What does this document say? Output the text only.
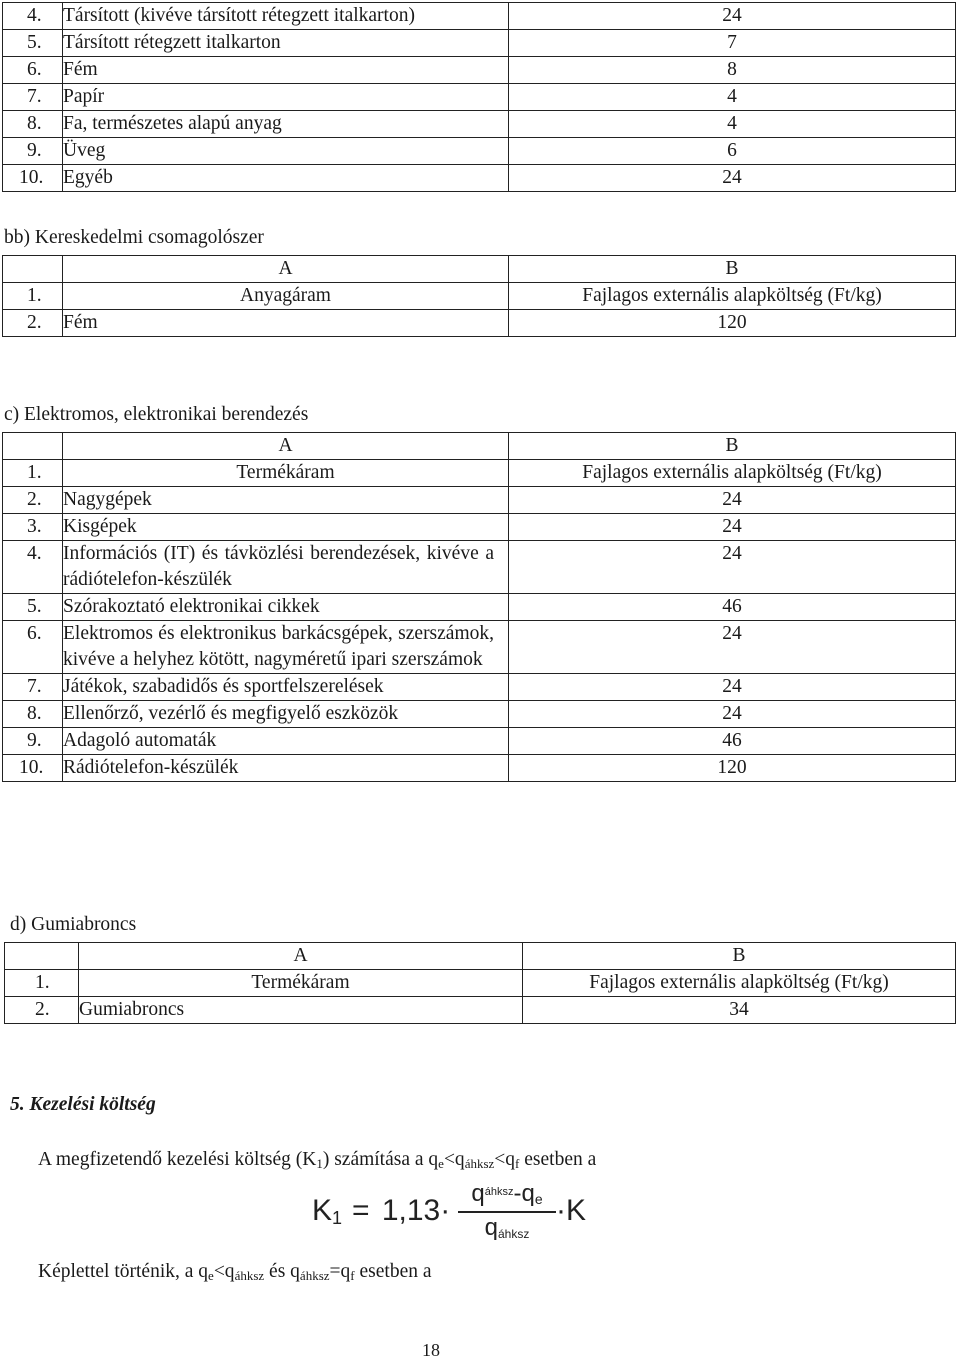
4.	Társított (kivéve társított rétegzett italkarton)	24
5.	Társított rétegzett italkarton	7
6.	Fém	8
7.	Papír	4
8.	Fa, természetes alapú anyag	4
9.	Üveg	6
10.	Egyéb	24
bb) Kereskedelmi csomagolószer
	A	B
1.	Anyagáram	Fajlagos externális alapköltség (Ft/kg)
2.	Fém	120
c) Elektromos, elektronikai berendezés
	A	B
1.	Termékáram	Fajlagos externális alapköltség (Ft/kg)
2.	Nagygépek	24
3.	Kisgépek	24
4.	Információs (IT) és távközlési berendezések, kivéve a rádiótelefon-készülék	24
5.	Szórakoztató elektronikai cikkek	46
6.	Elektromos és elektronikus barkácsgépek, szerszámok, kivéve a helyhez kötött, nagyméretű ipari szerszámok	24
7.	Játékok, szabadidős és sportfelszerelések	24
8.	Ellenőrző, vezérlő és megfigyelő eszközök	24
9.	Adagoló automaták	46
10.	Rádiótelefon-készülék	120
d) Gumiabroncs
	A	B
1.	Termékáram	Fajlagos externális alapköltség (Ft/kg)
2.	Gumiabroncs	34
5. Kezelési költség
A megfizetendő kezelési költség $(K_1)$ számítása a $q_e<q_{áhksz}<q_f$ esetben a
$K_1 = 1,13\cdot$
$q_{áhksz}-q_e$
$q_{áhksz}$
·K
Képlettel történik, a $q_e<q_{áhksz}$ és $q_{áhksz}=q_f$ esetben a
18
